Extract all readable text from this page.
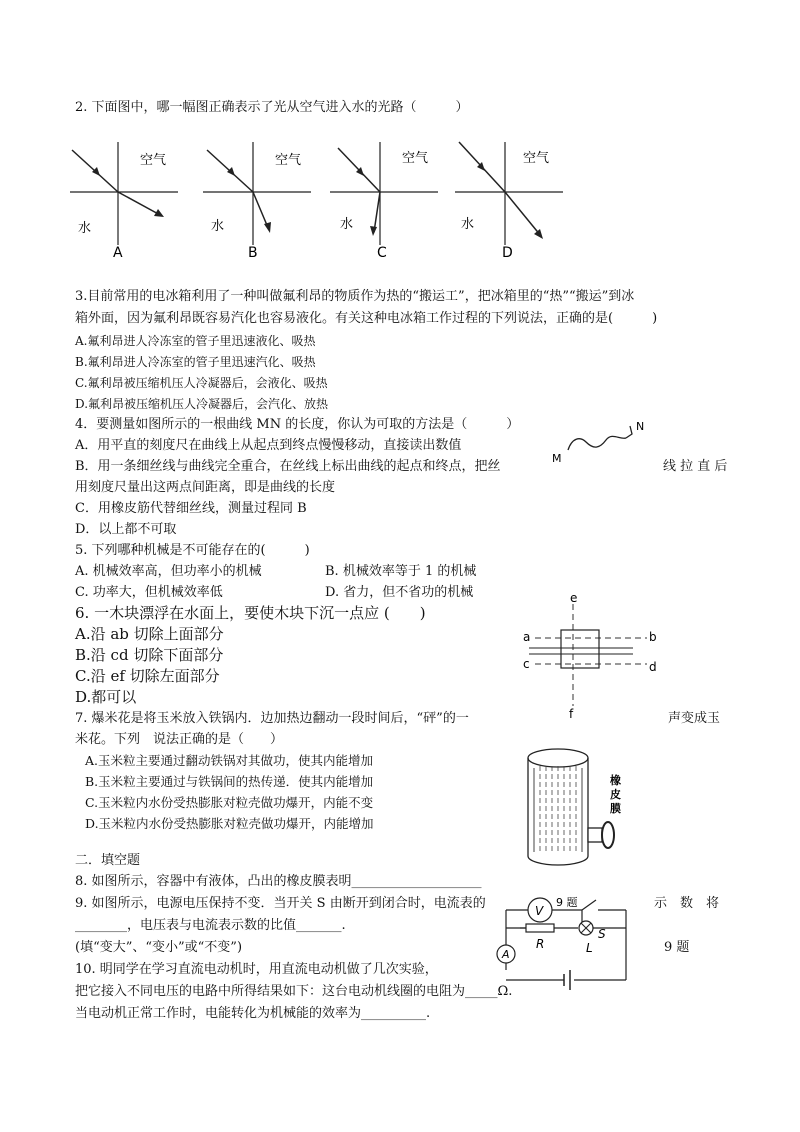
2. 下面图中，哪一幅图正确表示了光从空气进入水的光路（　　　）
空气
水
A
空气
水
B
空气
水
C
空气
水
D
3.目前常用的电冰箱利用了一种叫做氟利昂的物质作为热的“搬运工”，把冰箱里的“热”“搬运”到冰
箱外面，因为氟利昂既容易汽化也容易液化。有关这种电冰箱工作过程的下列说法，正确的是(　　　)
A.氟利昂进人冷冻室的管子里迅速液化、吸热
B.氟利昂进人冷冻室的管子里迅速汽化、吸热
C.氟利昂被压缩机压人冷凝器后，会液化、吸热
D.氟利昂被压缩机压人冷凝器后，会汽化、放热
4．要测量如图所示的一根曲线 MN 的长度，你认为可取的方法是（　　　）
A．用平直的刻度尺在曲线上从起点到终点慢慢移动，直接读出数值
B．用一条细丝线与曲线完全重合，在丝线上标出曲线的起点和终点，把丝	线 拉 直 后
用刻度尺量出这两点间距离，即是曲线的长度
C．用橡皮筋代替细丝线，测量过程同 B
D．以上都不可取
M
N
5. 下列哪种机械是不可能存在的(　　　)
A. 机械效率高，但功率小的机械	B. 机械效率等于 1 的机械
C. 功率大，但机械效率低	D. 省力，但不省功的机械
6. 一木块漂浮在水面上，要使木块下沉一点应 (　　)
A.沿 ab 切除上面部分
B.沿 cd 切除下面部分
C.沿 ef 切除左面部分
D.都可以
e
a	b
c	d
f
7. 爆米花是将玉米放入铁锅内．边加热边翻动一段时间后，“砰”的一	声变成玉
米花。下列　说法正确的是（　　）
A.玉米粒主要通过翻动铁锅对其做功，使其内能增加
B.玉米粒主要通过与铁锅间的热传递．使其内能增加
C.玉米粒内水份受热膨胀对粒壳做功爆开，内能不变
D.玉米粒内水份受热膨胀对粒壳做功爆开，内能增加
橡
皮
膜
二．填空题
8. 如图所示，容器中有液体，凸出的橡皮膜表明____________________
9. 如图所示，电源电压保持不变．当开关 S 由断开到闭合时，电流表的	示　数　将
________，电压表与电流表示数的比值_______.
(填“变大”、“变小”或“不变”)	9 题
V
S
9 题
R	L
A
10. 明同学在学习直流电动机时，用直流电动机做了几次实验，
把它接入不同电压的电路中所得结果如下：这台电动机线圈的电阻为_____Ω.
当电动机正常工作时，电能转化为机械能的效率为__________.
